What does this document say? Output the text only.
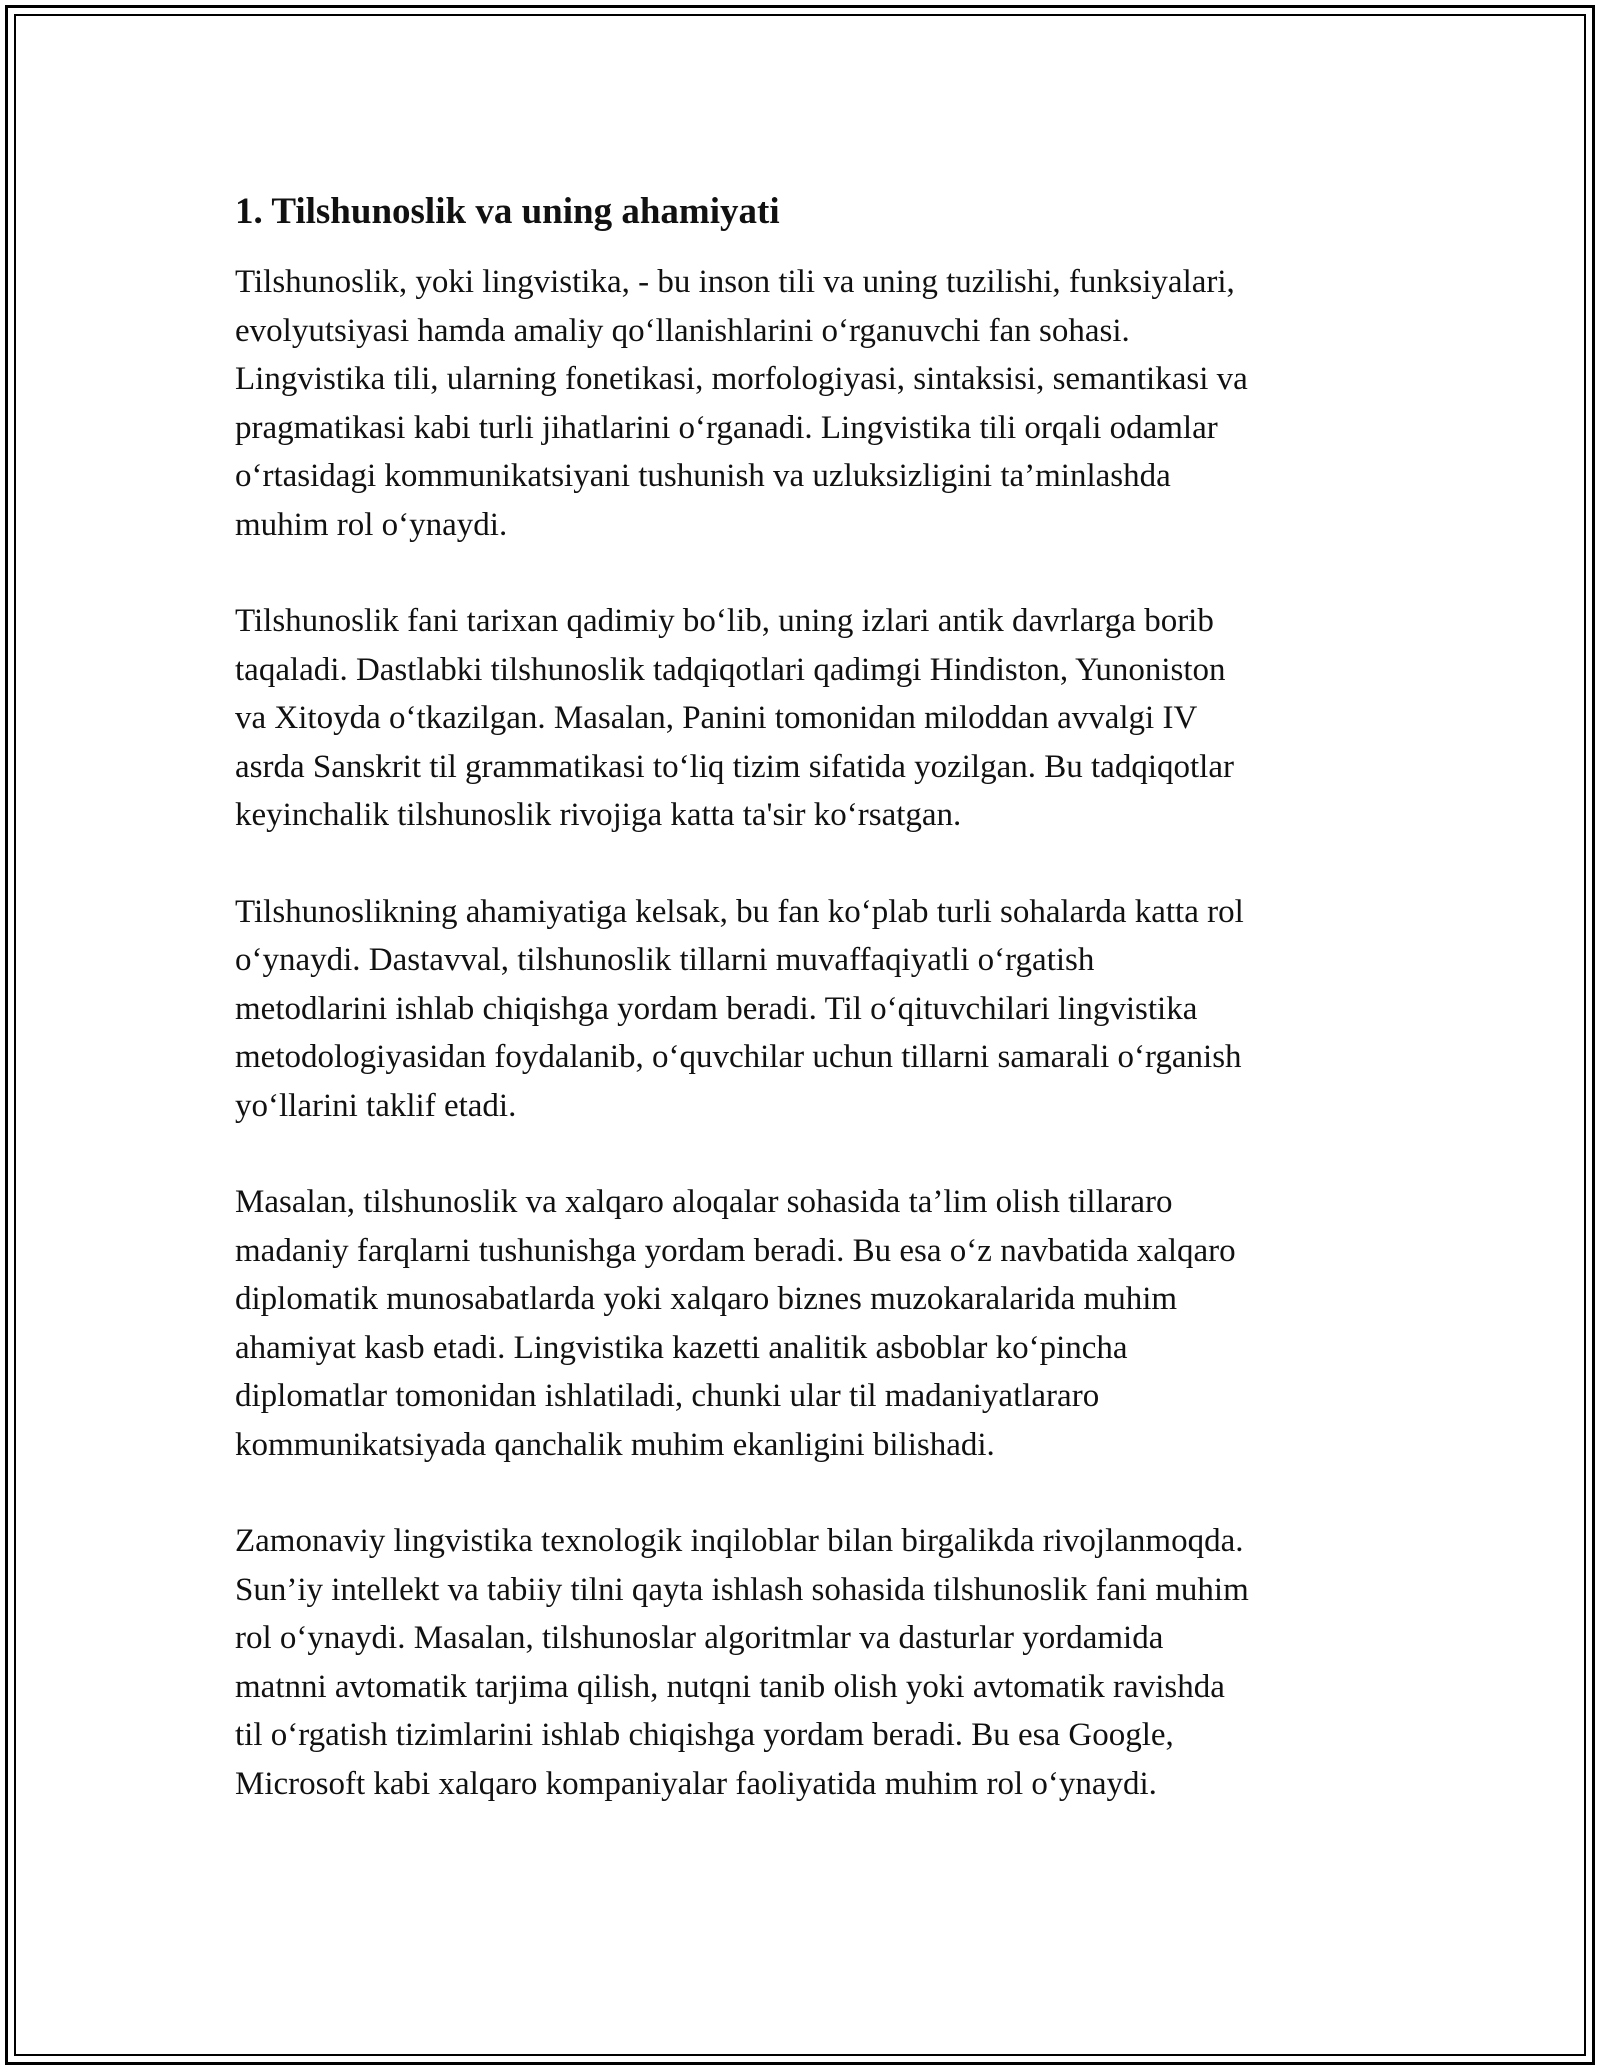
1. Tilshunoslik va uning ahamiyati
Tilshunoslik, yoki lingvistika, - bu inson tili va uning tuzilishi, funksiyalari,
evolyutsiyasi hamda amaliy qo‘llanishlarini o‘rganuvchi fan sohasi.
Lingvistika tili, ularning fonetikasi, morfologiyasi, sintaksisi, semantikasi va
pragmatikasi kabi turli jihatlarini o‘rganadi. Lingvistika tili orqali odamlar
o‘rtasidagi kommunikatsiyani tushunish va uzluksizligini ta’minlashda
muhim rol o‘ynaydi.
Tilshunoslik fani tarixan qadimiy bo‘lib, uning izlari antik davrlarga borib
taqaladi. Dastlabki tilshunoslik tadqiqotlari qadimgi Hindiston, Yunoniston
va Xitoyda o‘tkazilgan. Masalan, Panini tomonidan miloddan avvalgi IV
asrda Sanskrit til grammatikasi to‘liq tizim sifatida yozilgan. Bu tadqiqotlar
keyinchalik tilshunoslik rivojiga katta ta'sir ko‘rsatgan.
Tilshunoslikning ahamiyatiga kelsak, bu fan ko‘plab turli sohalarda katta rol
o‘ynaydi. Dastavval, tilshunoslik tillarni muvaffaqiyatli o‘rgatish
metodlarini ishlab chiqishga yordam beradi. Til o‘qituvchilari lingvistika
metodologiyasidan foydalanib, o‘quvchilar uchun tillarni samarali o‘rganish
yo‘llarini taklif etadi.
Masalan, tilshunoslik va xalqaro aloqalar sohasida ta’lim olish tillararo
madaniy farqlarni tushunishga yordam beradi. Bu esa o‘z navbatida xalqaro
diplomatik munosabatlarda yoki xalqaro biznes muzokaralarida muhim
ahamiyat kasb etadi. Lingvistika kazetti analitik asboblar ko‘pincha
diplomatlar tomonidan ishlatiladi, chunki ular til madaniyatlararo
kommunikatsiyada qanchalik muhim ekanligini bilishadi.
Zamonaviy lingvistika texnologik inqiloblar bilan birgalikda rivojlanmoqda.
Sun’iy intellekt va tabiiy tilni qayta ishlash sohasida tilshunoslik fani muhim
rol o‘ynaydi. Masalan, tilshunoslar algoritmlar va dasturlar yordamida
matnni avtomatik tarjima qilish, nutqni tanib olish yoki avtomatik ravishda
til o‘rgatish tizimlarini ishlab chiqishga yordam beradi. Bu esa Google,
Microsoft kabi xalqaro kompaniyalar faoliyatida muhim rol o‘ynaydi.
